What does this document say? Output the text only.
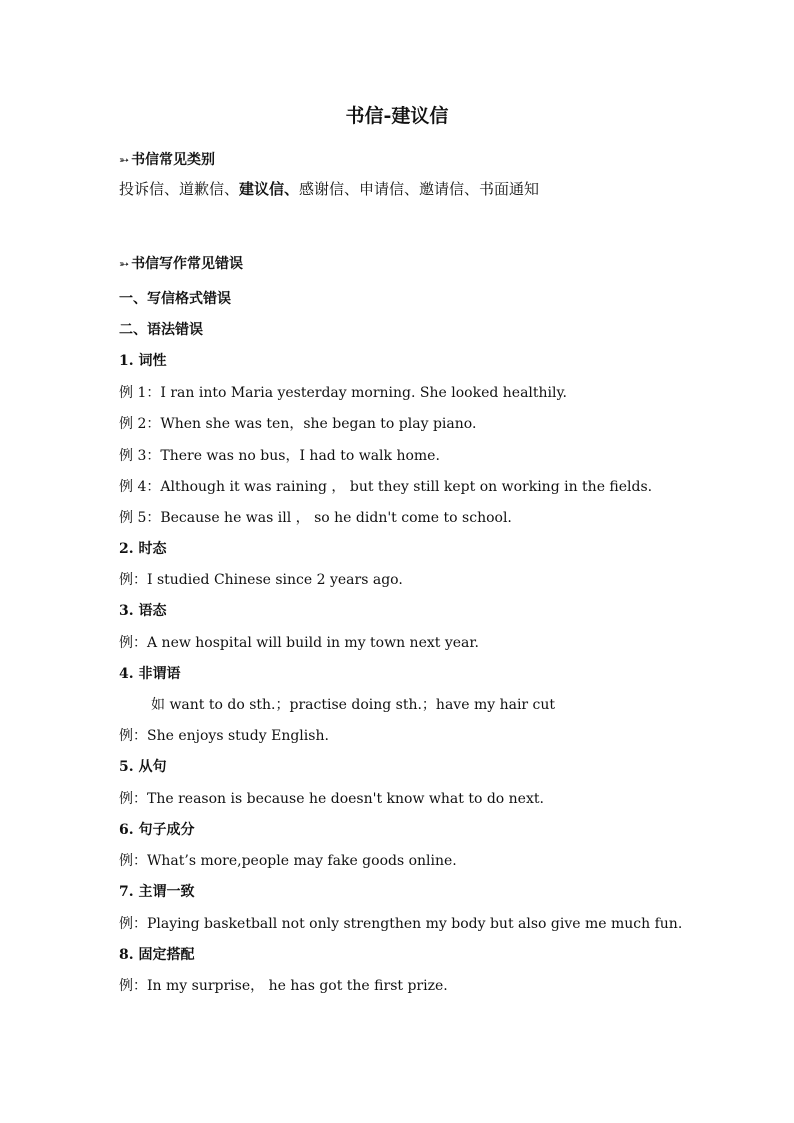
书信-建议信
➳ 书信常见类别
投诉信、道歉信、建议信、感谢信、申请信、邀请信、书面通知
➳ 书信写作常见错误
一、写信格式错误
二、语法错误
1. 词性
例 1：I ran into Maria yesterday morning. She looked healthily.
例 2：When she was ten，she began to play piano.
例 3：There was no bus，I had to walk home.
例 4：Although it was raining ， but they still kept on working in the fields.
例 5：Because he was ill ， so he didn't come to school.
2. 时态
例：I studied Chinese since 2 years ago.
3. 语态
例：A new hospital will build in my town next year.
4. 非谓语
如 want to do sth.；practise doing sth.；have my hair cut
例：She enjoys study English.
5. 从句
例：The reason is because he doesn't know what to do next.
6. 句子成分
例：What’s more,people may fake goods online.
7. 主谓一致
例：Playing basketball not only strengthen my body but also give me much fun.
8. 固定搭配
例：In my surprise， he has got the first prize.
